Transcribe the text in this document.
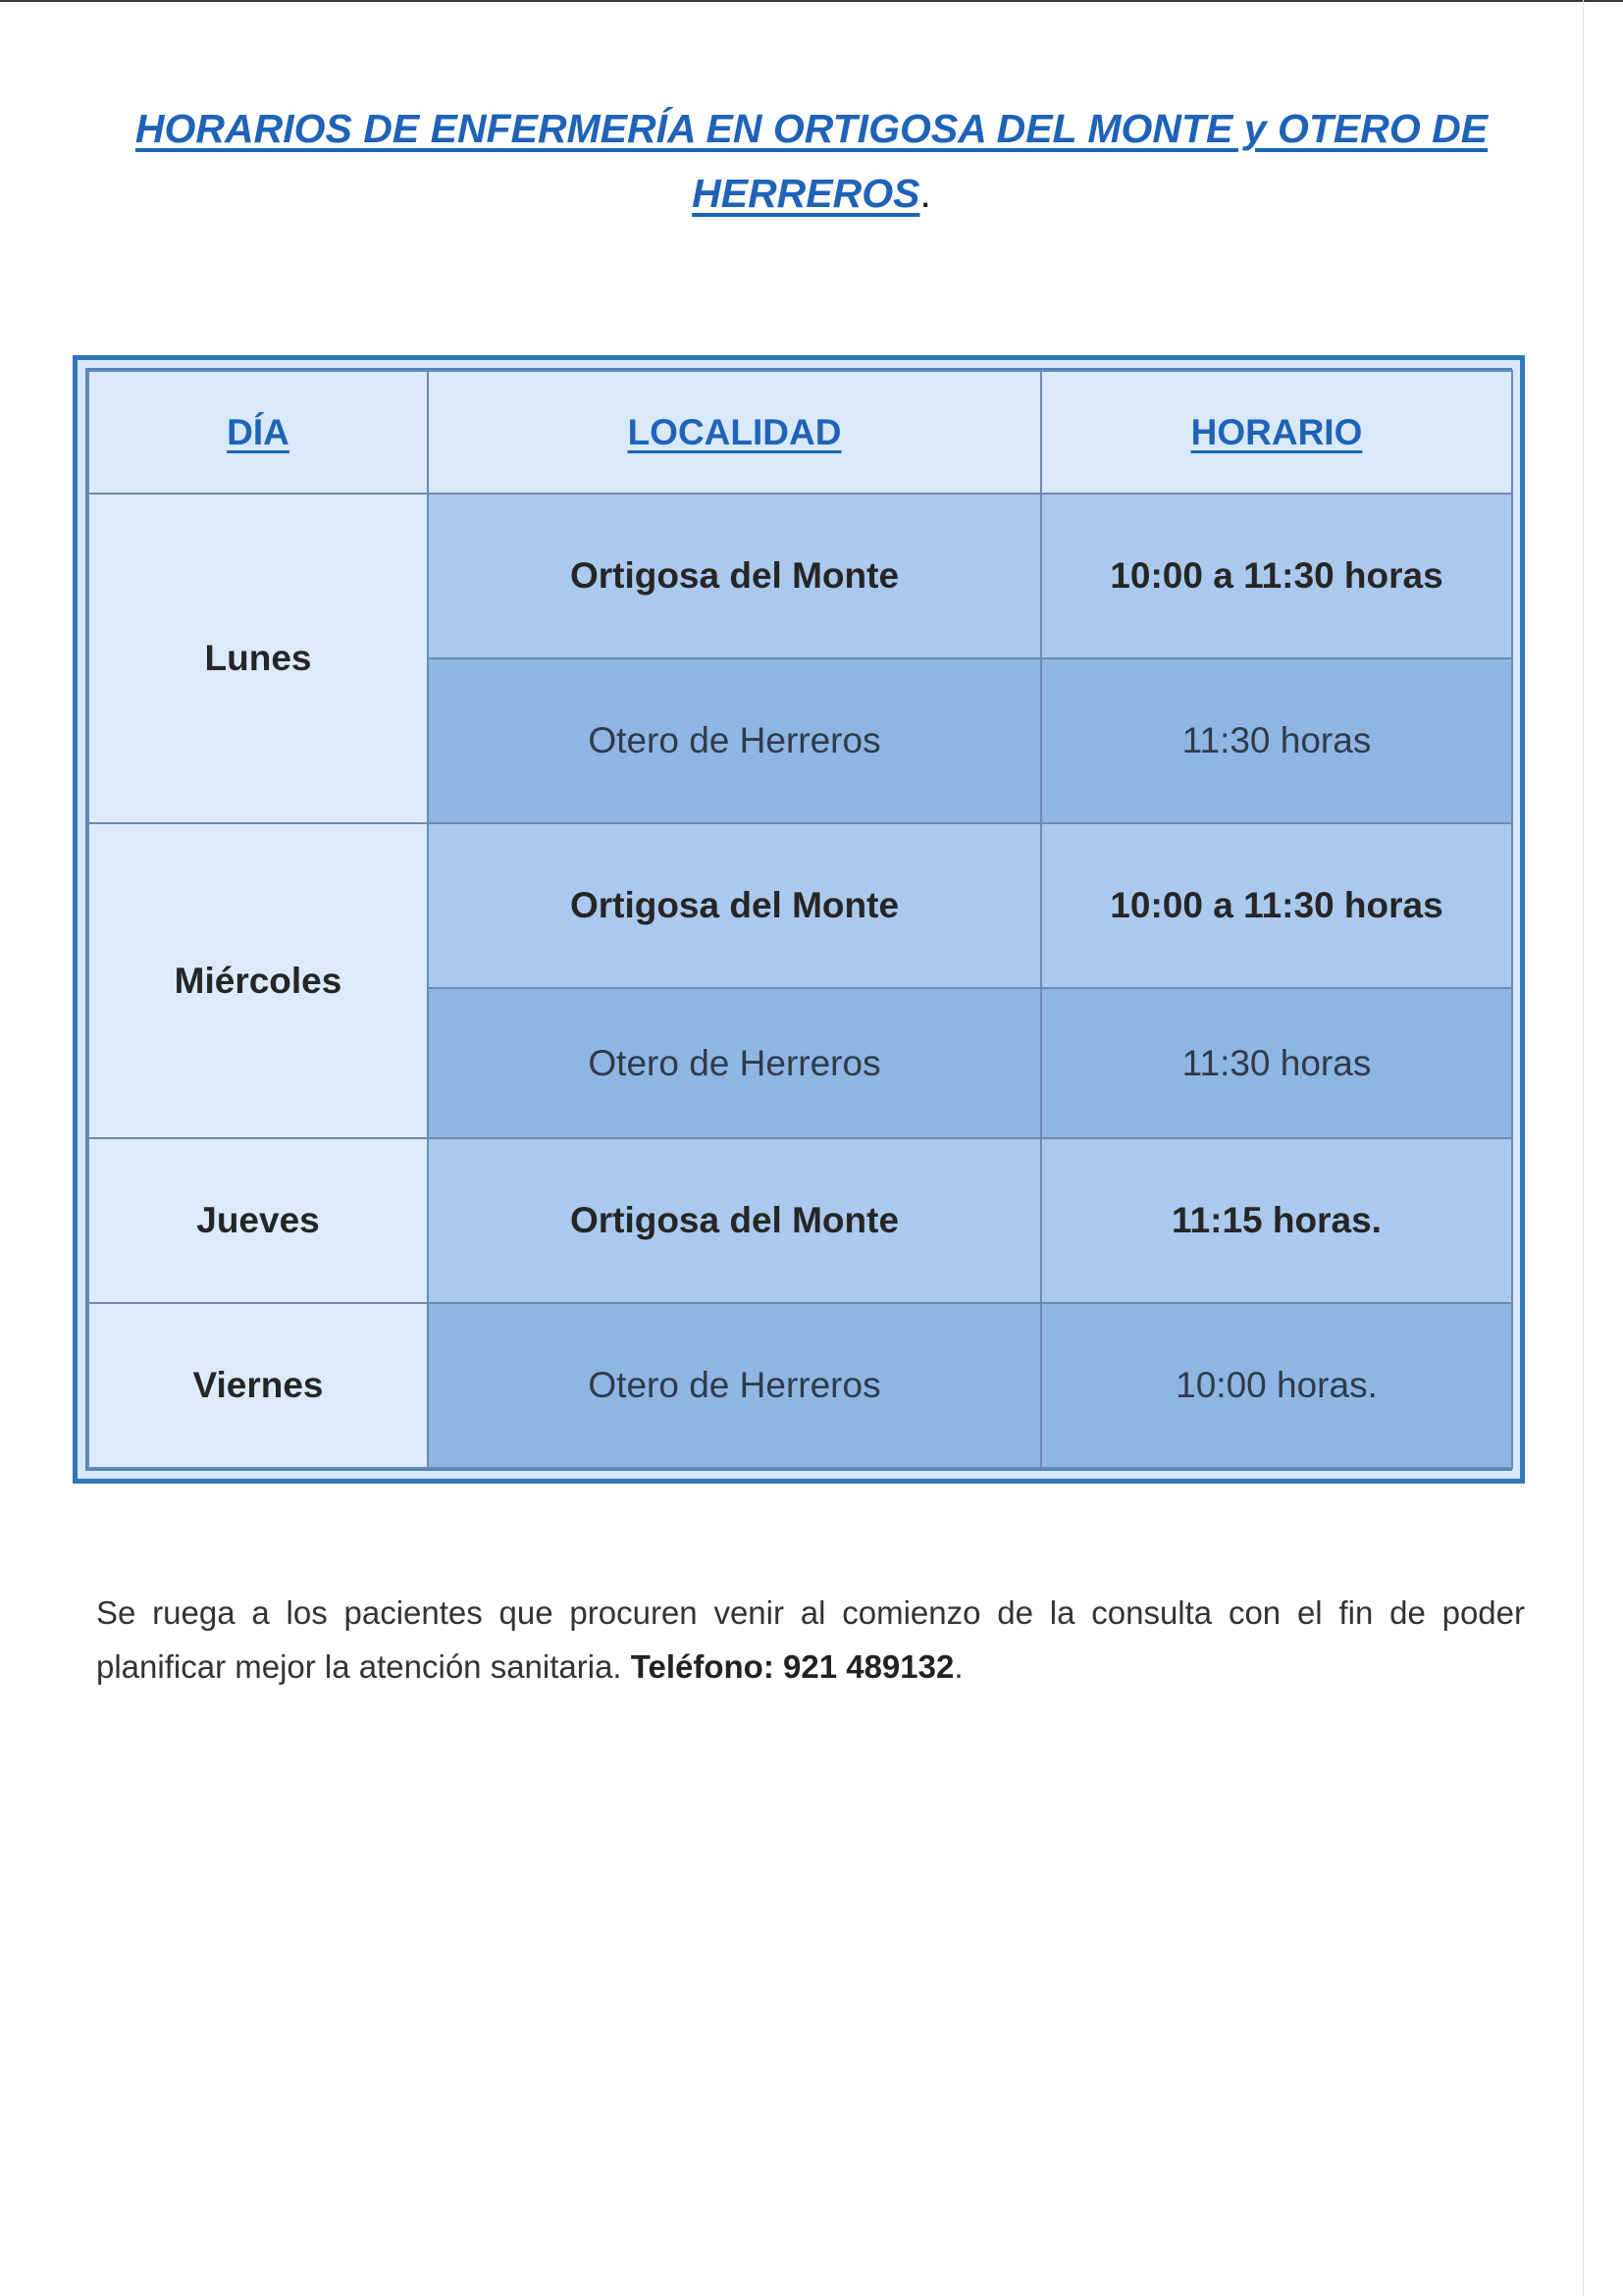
HORARIOS DE ENFERMERÍA EN ORTIGOSA DEL MONTE y OTERO DE
HERREROS.
DÍA	LOCALIDAD	HORARIO
Lunes	Ortigosa del Monte	10:00 a 11:30 horas
	Otero de Herreros	11:30 horas
Miércoles	Ortigosa del Monte	10:00 a 11:30 horas
	Otero de Herreros	11:30 horas
Jueves	Ortigosa del Monte	11:15 horas.
Viernes	Otero de Herreros	10:00 horas.

Se ruega a los pacientes que procuren venir al comienzo de la consulta con el fin de poder planificar mejor la atención sanitaria. Teléfono: 921 489132.
